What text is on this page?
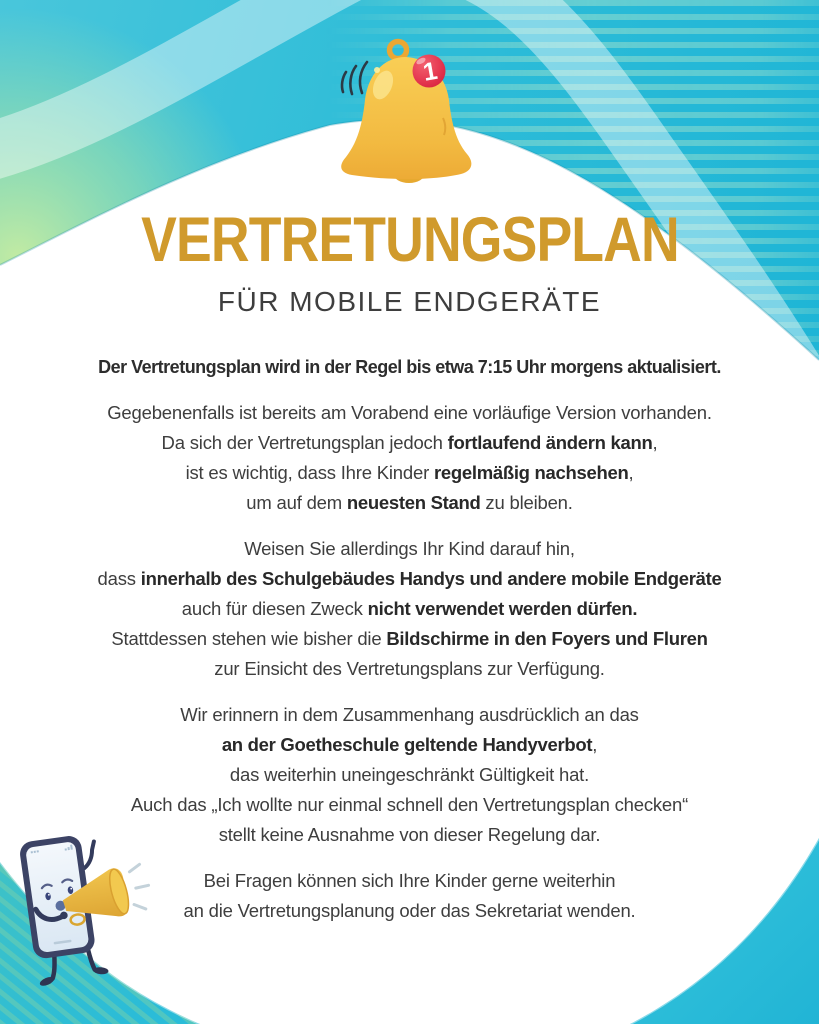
1
VERTRETUNGSPLAN
FÜR MOBILE ENDGERÄTE
Der Vertretungsplan wird in der Regel bis etwa 7:15 Uhr morgens aktualisiert.
Gegebenenfalls ist bereits am Vorabend eine vorläufige Version vorhanden.
Da sich der Vertretungsplan jedoch fortlaufend ändern kann,
ist es wichtig, dass Ihre Kinder regelmäßig nachsehen,
um auf dem neuesten Stand zu bleiben.
Weisen Sie allerdings Ihr Kind darauf hin,
dass innerhalb des Schulgebäudes Handys und andere mobile Endgeräte
auch für diesen Zweck nicht verwendet werden dürfen.
Stattdessen stehen wie bisher die Bildschirme in den Foyers und Fluren
zur Einsicht des Vertretungsplans zur Verfügung.
Wir erinnern in dem Zusammenhang ausdrücklich an das
an der Goetheschule geltende Handyverbot,
das weiterhin uneingeschränkt Gültigkeit hat.
Auch das „Ich wollte nur einmal schnell den Vertretungsplan checken“
stellt keine Ausnahme von dieser Regelung dar.
Bei Fragen können sich Ihre Kinder gerne weiterhin
an die Vertretungsplanung oder das Sekretariat wenden.
